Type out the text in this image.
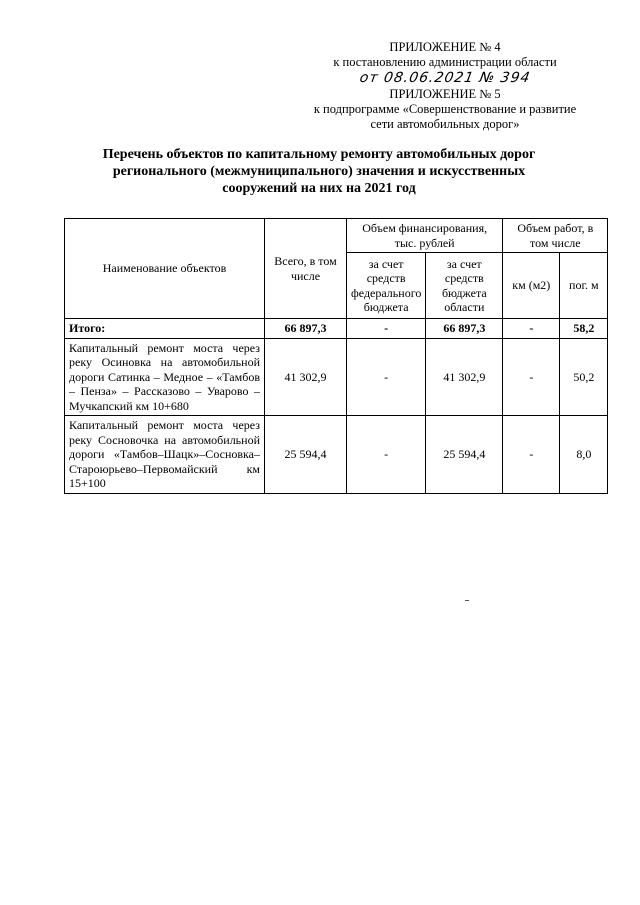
ПРИЛОЖЕНИЕ № 4
к постановлению администрации области
от 08.06.2021 № 394
ПРИЛОЖЕНИЕ № 5
к подпрограмме «Совершенствование и развитие
сети автомобильных дорог»
Перечень объектов по капитальному ремонту автомобильных дорог
регионального (межмуниципального) значения и искусственных
сооружений на них на 2021 год
Наименование объектов	Всего, в том числе	Объем финансирования, тыс. рублей		Объем работ, в том числе	
		за счет средств федерального бюджета	за счет средств бюджета области	км (м2)	пог. м
Итого:	66 897,3	-	66 897,3	-	58,2
Капитальный ремонт моста через реку Осиновка на автомобильной дороги Сатинка – Медное – «Тамбов – Пенза» – Рассказово – Уварово –Мучкапский км 10+680	41 302,9	-	41 302,9	-	50,2
Капитальный ремонт моста через реку Сосновочка на автомобильной дороги «Тамбов–Шацк»–Сосновка–Староюрьево–Первомайский км 15+100	25 594,4	-	25 594,4	-	8,0
